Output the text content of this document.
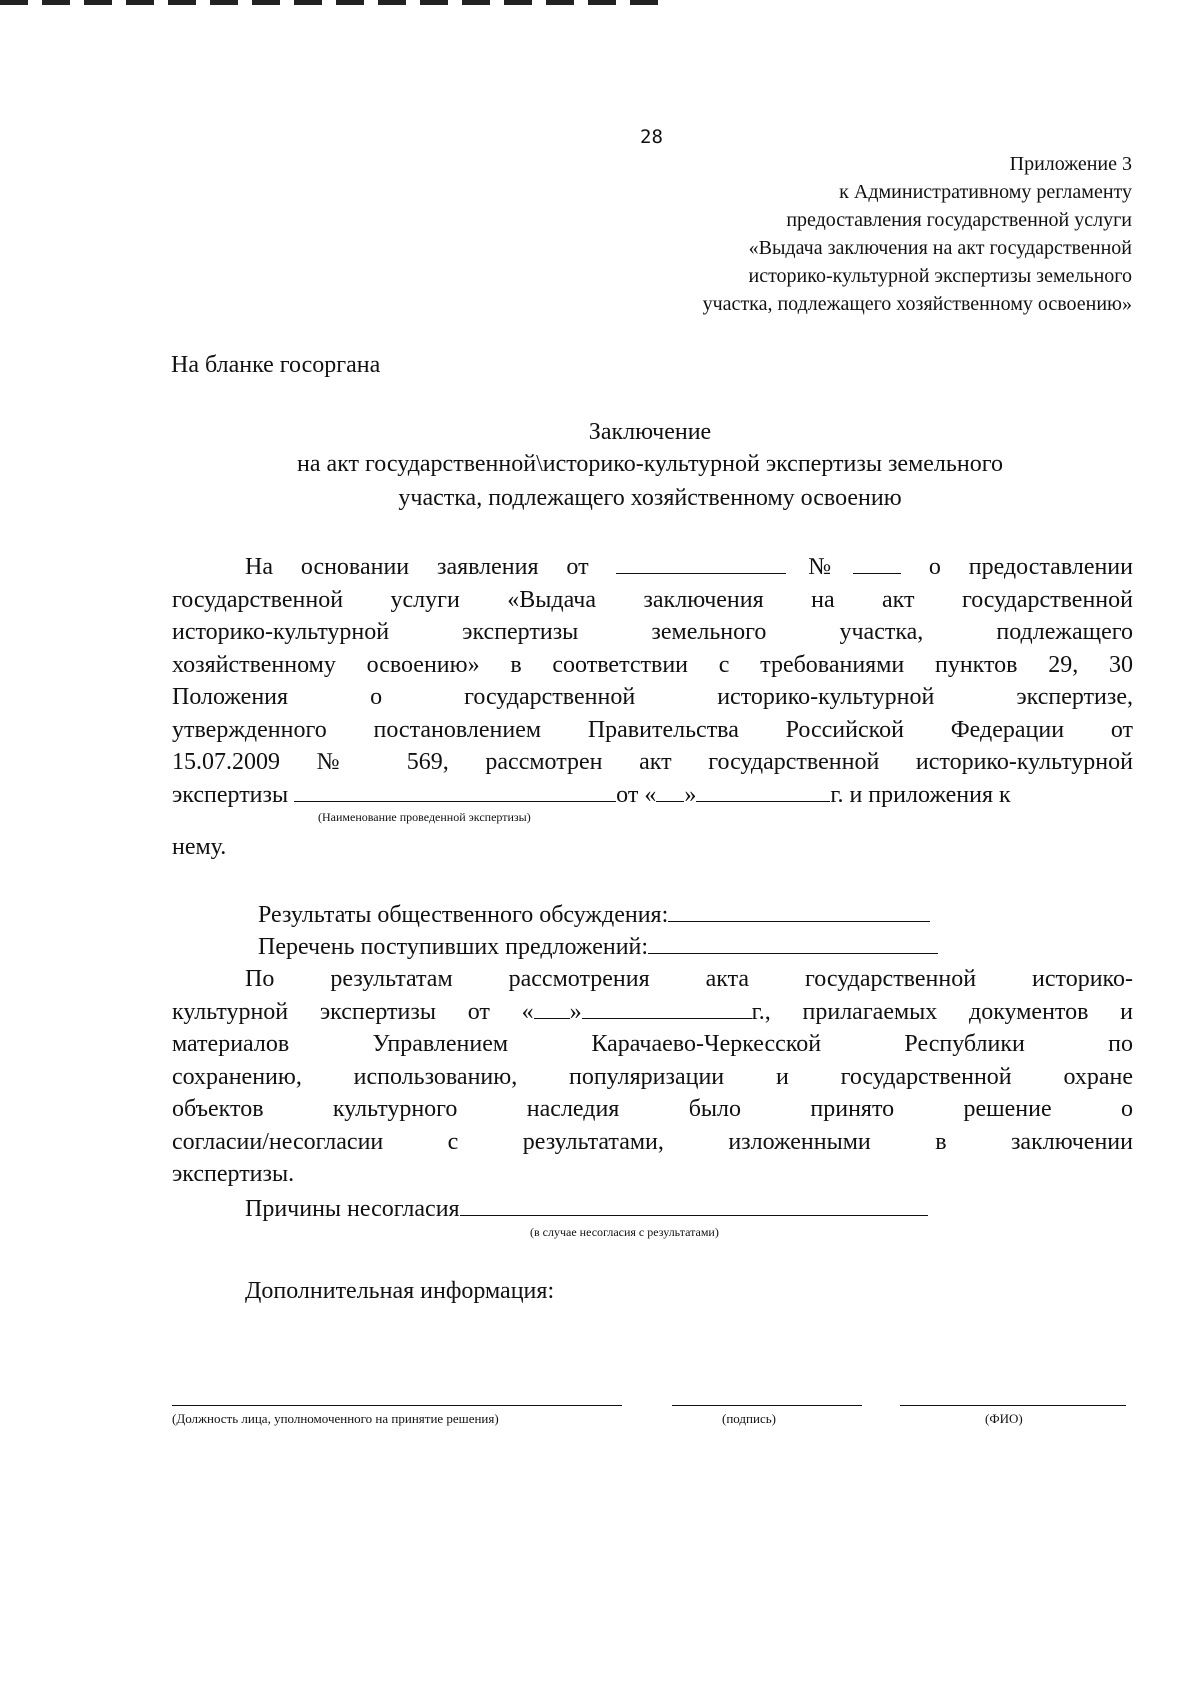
28
Приложение 3
к Административному регламенту
предоставления государственной услуги
«Выдача заключения на акт государственной
историко-культурной экспертизы земельного
участка, подлежащего хозяйственному освоению»
На бланке госоргана
Заключение
на акт государственной\историко-культурной экспертизы земельного
участка, подлежащего хозяйственному освоению
На основании заявления от	№	о предоставлении
государственной услуги «Выдача заключения на акт государственной
историко-культурной экспертизы земельного участка, подлежащего
хозяйственному освоению» в соответствии с требованиями пунктов 29, 30
Положения о государственной историко-культурной экспертизе,
утвержденного постановлением Правительства Российской Федерации от
15.07.2009 № 569, рассмотрен акт государственной историко-культурной
экспертизы	от « »	г. и приложения к
(Наименование проведенной экспертизы)
нему.
Результаты общественного обсуждения:
Перечень поступивших предложений:
По результатам рассмотрения акта государственной историко-
культурной экспертизы от « »	г., прилагаемых документов и
материалов Управлением Карачаево-Черкесской Республики по
сохранению, использованию, популяризации и государственной охране
объектов культурного наследия было принято решение о
согласии/несогласии с результатами, изложенными в заключении
экспертизы.
Причины несогласия
(в случае несогласия с результатами)
Дополнительная информация:
(Должность лица, уполномоченного на принятие решения)	(подпись)	(ФИО)
